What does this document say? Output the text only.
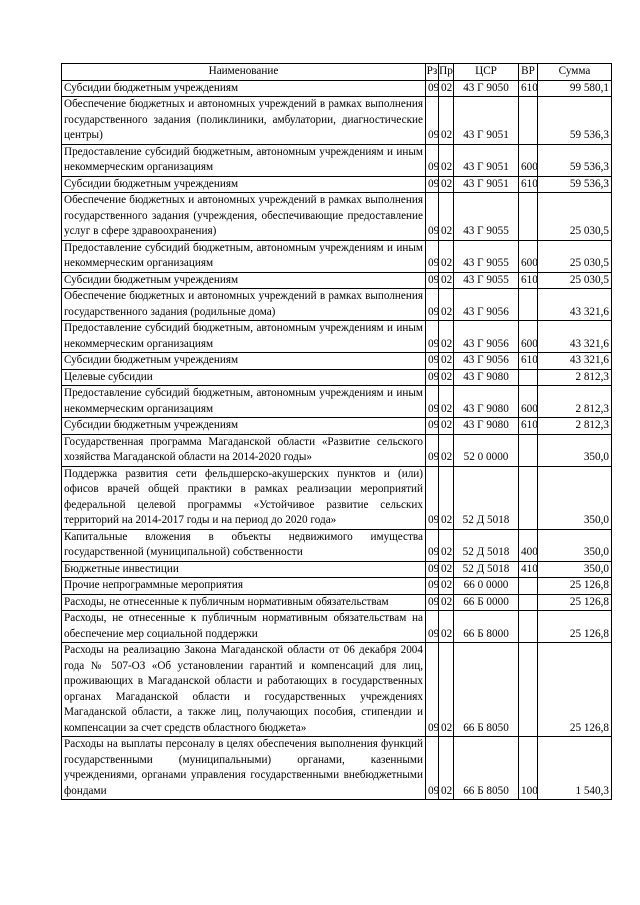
Наименование	Рз	Пр	ЦСР	ВР	Сумма
Субсидии бюджетным учреждениям	09	02	43 Г 9050	610	99 580,1
Обеспечение бюджетных и автономных учреждений в рамках выполнения государственного задания (поликлиники, амбулатории, диагностические центры)	09	02	43 Г 9051		59 536,3
Предоставление субсидий бюджетным, автономным учреждениям и иным некоммерческим организациям	09	02	43 Г 9051	600	59 536,3
Субсидии бюджетным учреждениям	09	02	43 Г 9051	610	59 536,3
Обеспечение бюджетных и автономных учреждений в рамках выполнения государственного задания (учреждения, обеспечивающие предоставление услуг в сфере здравоохранения)	09	02	43 Г 9055		25 030,5
Предоставление субсидий бюджетным, автономным учреждениям и иным некоммерческим организациям	09	02	43 Г 9055	600	25 030,5
Субсидии бюджетным учреждениям	09	02	43 Г 9055	610	25 030,5
Обеспечение бюджетных и автономных учреждений в рамках выполнения государственного задания (родильные дома)	09	02	43 Г 9056		43 321,6
Предоставление субсидий бюджетным, автономным учреждениям и иным некоммерческим организациям	09	02	43 Г 9056	600	43 321,6
Субсидии бюджетным учреждениям	09	02	43 Г 9056	610	43 321,6
Целевые субсидии	09	02	43 Г 9080		2 812,3
Предоставление субсидий бюджетным, автономным учреждениям и иным некоммерческим организациям	09	02	43 Г 9080	600	2 812,3
Субсидии бюджетным учреждениям	09	02	43 Г 9080	610	2 812,3
Государственная программа Магаданской области «Развитие сельского хозяйства Магаданской области на 2014-2020 годы»	09	02	52 0 0000		350,0
Поддержка развития сети фельдшерско-акушерских пунктов и (или) офисов врачей общей практики в рамках реализации мероприятий федеральной целевой программы «Устойчивое развитие сельских территорий на 2014-2017 годы и на период до 2020 года»	09	02	52 Д 5018		350,0
Капитальные вложения в объекты недвижимого имущества государственной (муниципальной) собственности	09	02	52 Д 5018	400	350,0
Бюджетные инвестиции	09	02	52 Д 5018	410	350,0
Прочие непрограммные мероприятия	09	02	66 0 0000		25 126,8
Расходы, не отнесенные к публичным нормативным обязательствам	09	02	66 Б 0000		25 126,8
Расходы, не отнесенные к публичным нормативным обязательствам на обеспечение мер социальной поддержки	09	02	66 Б 8000		25 126,8
Расходы на реализацию Закона Магаданской области от 06 декабря 2004 года № 507-ОЗ «Об установлении гарантий и компенсаций для лиц, проживающих в Магаданской области и работающих в государственных органах Магаданской области и государственных учреждениях Магаданской области, а также лиц, получающих пособия, стипендии и компенсации за счет средств областного бюджета»	09	02	66 Б 8050		25 126,8
Расходы на выплаты персоналу в целях обеспечения выполнения функций государственными (муниципальными) органами, казенными учреждениями, органами управления государственными внебюджетными фондами	09	02	66 Б 8050	100	1 540,3
